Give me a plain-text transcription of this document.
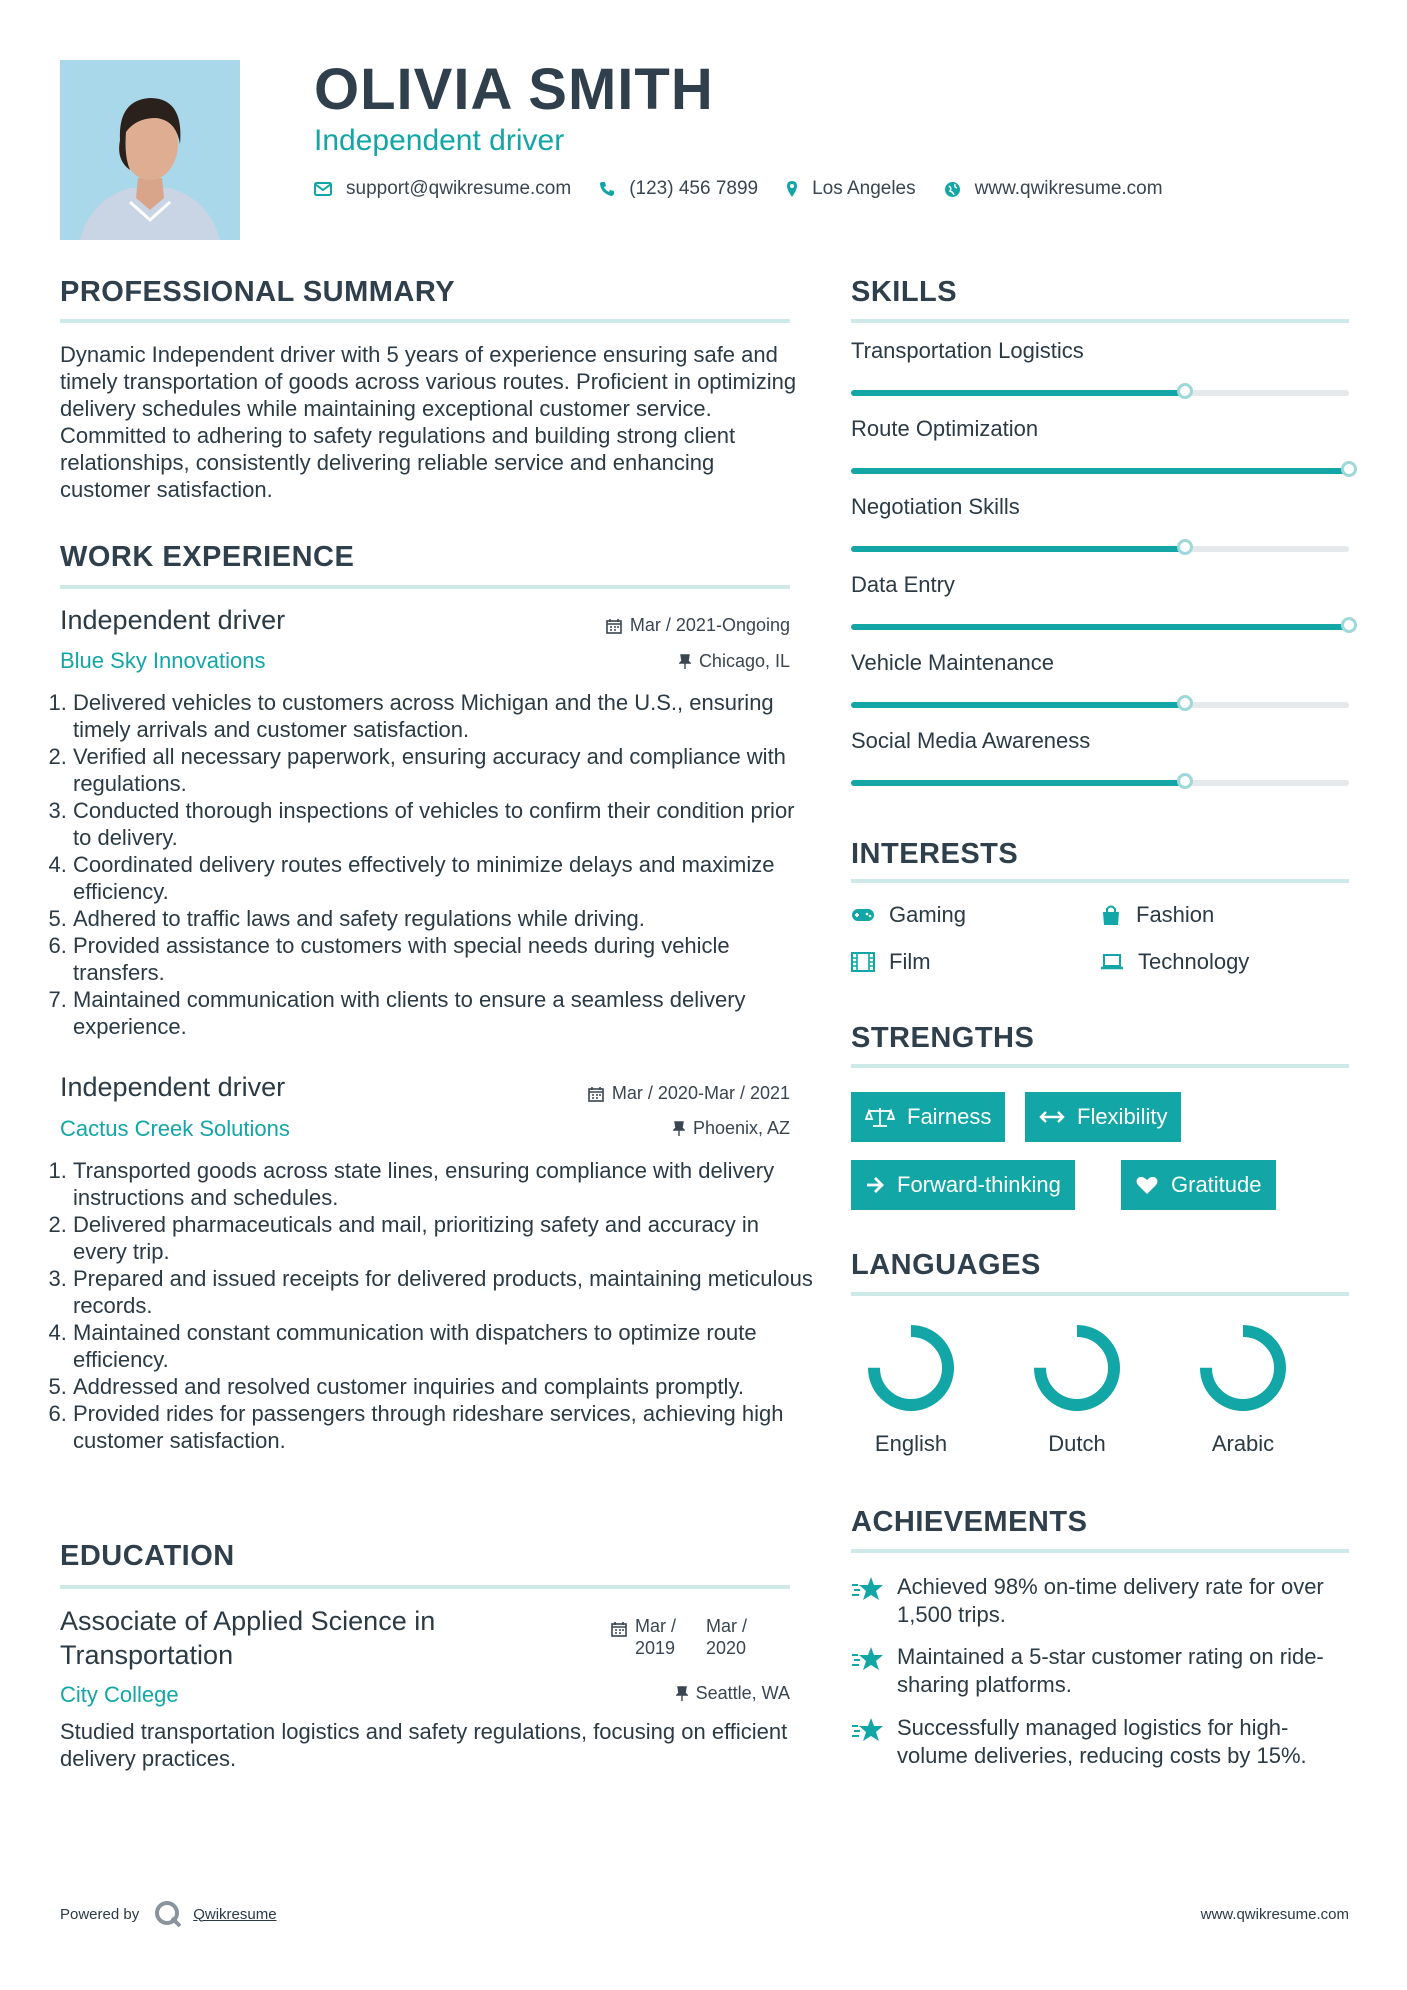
OLIVIA SMITH
Independent driver
support@qwikresume.com	(123) 456 7899	Los Angeles	www.qwikresume.com
PROFESSIONAL SUMMARY
Dynamic Independent driver with 5 years of experience ensuring safe and timely transportation of goods across various routes. Proficient in optimizing delivery schedules while maintaining exceptional customer service. Committed to adhering to safety regulations and building strong client relationships, consistently delivering reliable service and enhancing customer satisfaction.
WORK EXPERIENCE
Independent driver	Mar / 2021-Ongoing
Blue Sky Innovations	Chicago, IL
1. Delivered vehicles to customers across Michigan and the U.S., ensuring timely arrivals and customer satisfaction.
2. Verified all necessary paperwork, ensuring accuracy and compliance with regulations.
3. Conducted thorough inspections of vehicles to confirm their condition prior to delivery.
4. Coordinated delivery routes effectively to minimize delays and maximize efficiency.
5. Adhered to traffic laws and safety regulations while driving.
6. Provided assistance to customers with special needs during vehicle transfers.
7. Maintained communication with clients to ensure a seamless delivery experience.
Independent driver	Mar / 2020-Mar / 2021
Cactus Creek Solutions	Phoenix, AZ
1. Transported goods across state lines, ensuring compliance with delivery instructions and schedules.
2. Delivered pharmaceuticals and mail, prioritizing safety and accuracy in every trip.
3. Prepared and issued receipts for delivered products, maintaining meticulous records.
4. Maintained constant communication with dispatchers to optimize route efficiency.
5. Addressed and resolved customer inquiries and complaints promptly.
6. Provided rides for passengers through rideshare services, achieving high customer satisfaction.
EDUCATION
Associate of Applied Science in Transportation
Mar /
2019
Mar /
2020
City College	Seattle, WA
Studied transportation logistics and safety regulations, focusing on efficient delivery practices.
SKILLS
Transportation Logistics
Route Optimization
Negotiation Skills
Data Entry
Vehicle Maintenance
Social Media Awareness
INTERESTS
Gaming	Fashion
Film	Technology
STRENGTHS
Fairness	Flexibility
Forward-thinking	Gratitude
LANGUAGES
English	Dutch	Arabic
ACHIEVEMENTS
Achieved 98% on-time delivery rate for over 1,500 trips.
Maintained a 5-star customer rating on ride-sharing platforms.
Successfully managed logistics for high-volume deliveries, reducing costs by 15%.
Powered by	Qwikresume	www.qwikresume.com
